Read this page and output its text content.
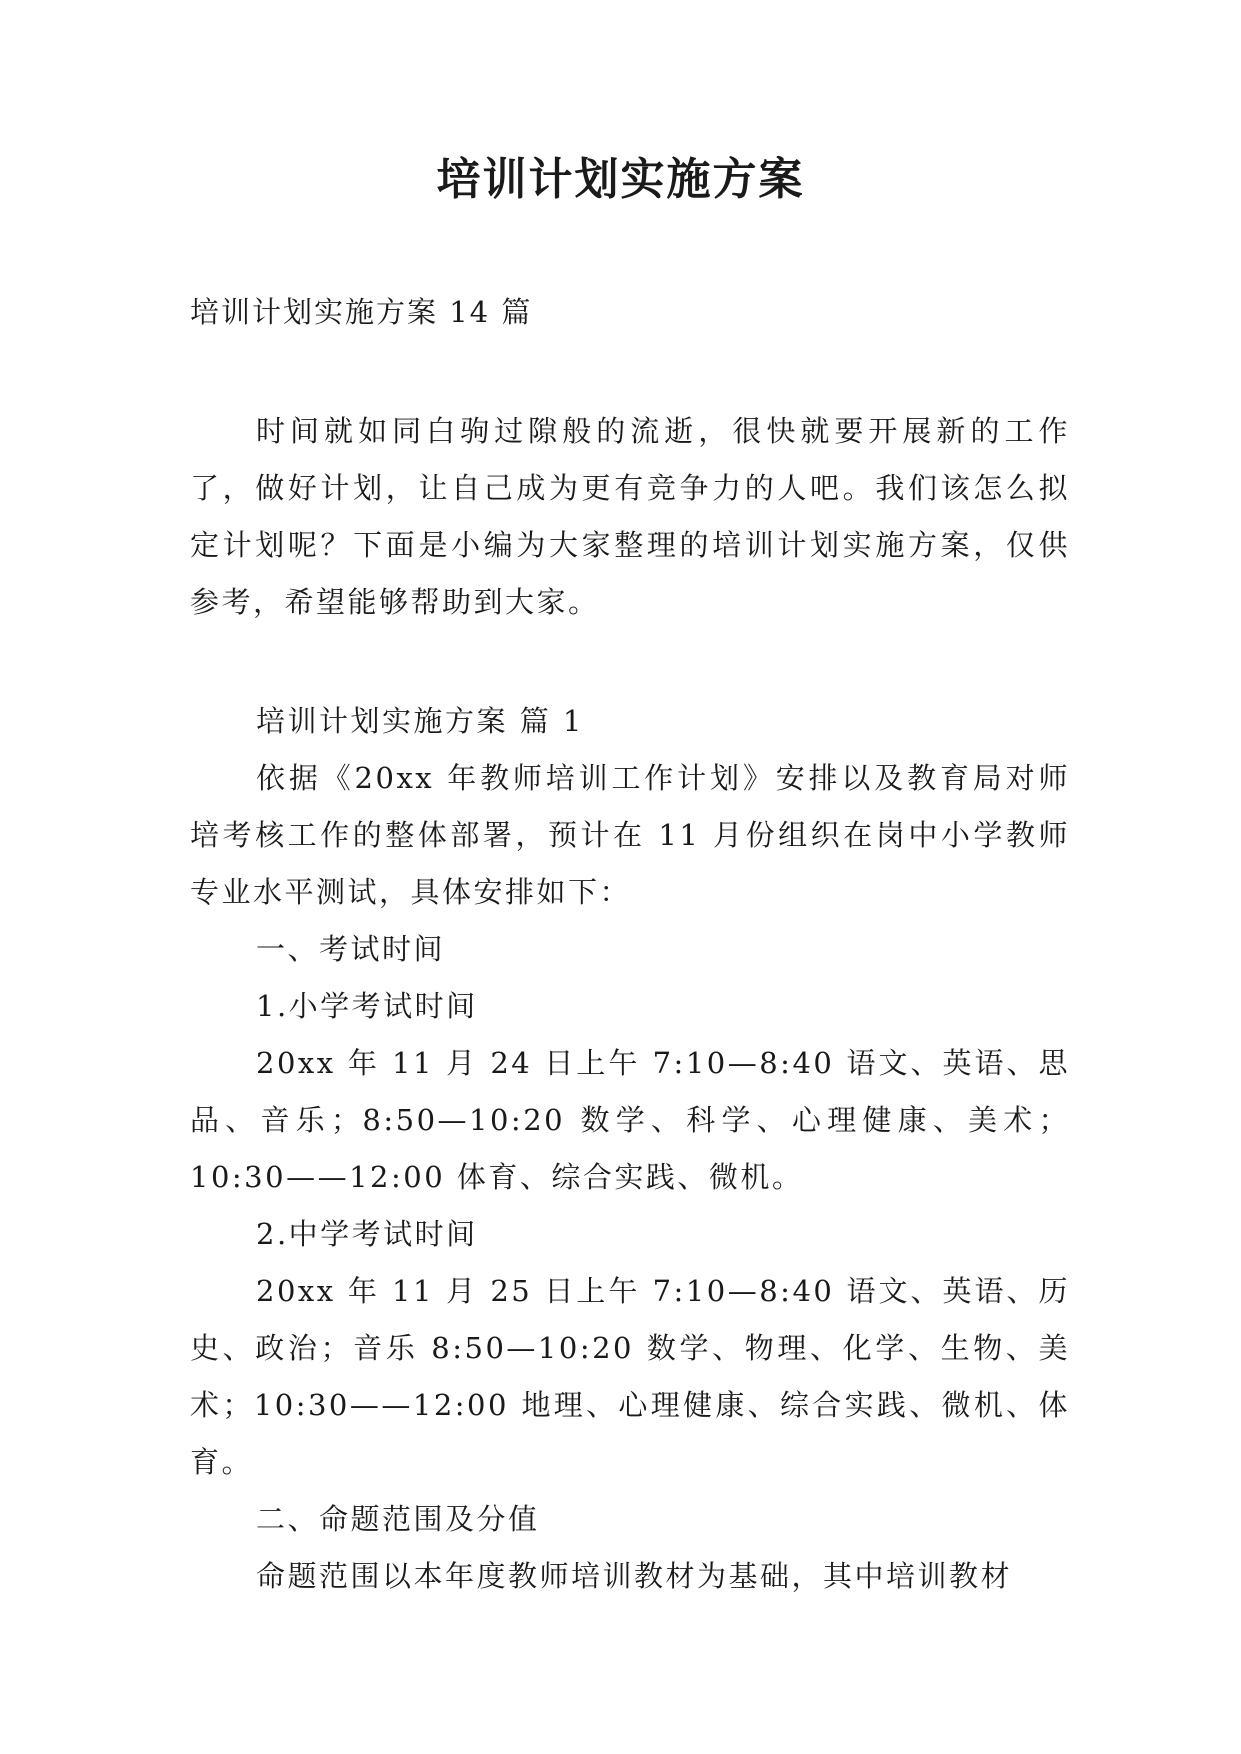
培训计划实施方案
培训计划实施方案 14 篇

时间就如同白驹过隙般的流逝，很快就要开展新的工作了，做好计划，让自己成为更有竞争力的人吧。我们该怎么拟定计划呢？下面是小编为大家整理的培训计划实施方案，仅供参考，希望能够帮助到大家。

培训计划实施方案 篇 1

依据《20xx 年教师培训工作计划》安排以及教育局对师培考核工作的整体部署，预计在 11 月份组织在岗中小学教师专业水平测试，具体安排如下：

一、考试时间

1.小学考试时间

20xx 年 11 月 24 日上午 7:10—8:40 语文、英语、思品、音乐；8:50—10:20 数学、科学、心理健康、美术；10:30——12:00 体育、综合实践、微机。

2.中学考试时间

20xx 年 11 月 25 日上午 7:10—8:40 语文、英语、历史、政治；音乐 8:50—10:20 数学、物理、化学、生物、美术；10:30——12:00 地理、心理健康、综合实践、微机、体育。

二、命题范围及分值

命题范围以本年度教师培训教材为基础，其中培训教材
